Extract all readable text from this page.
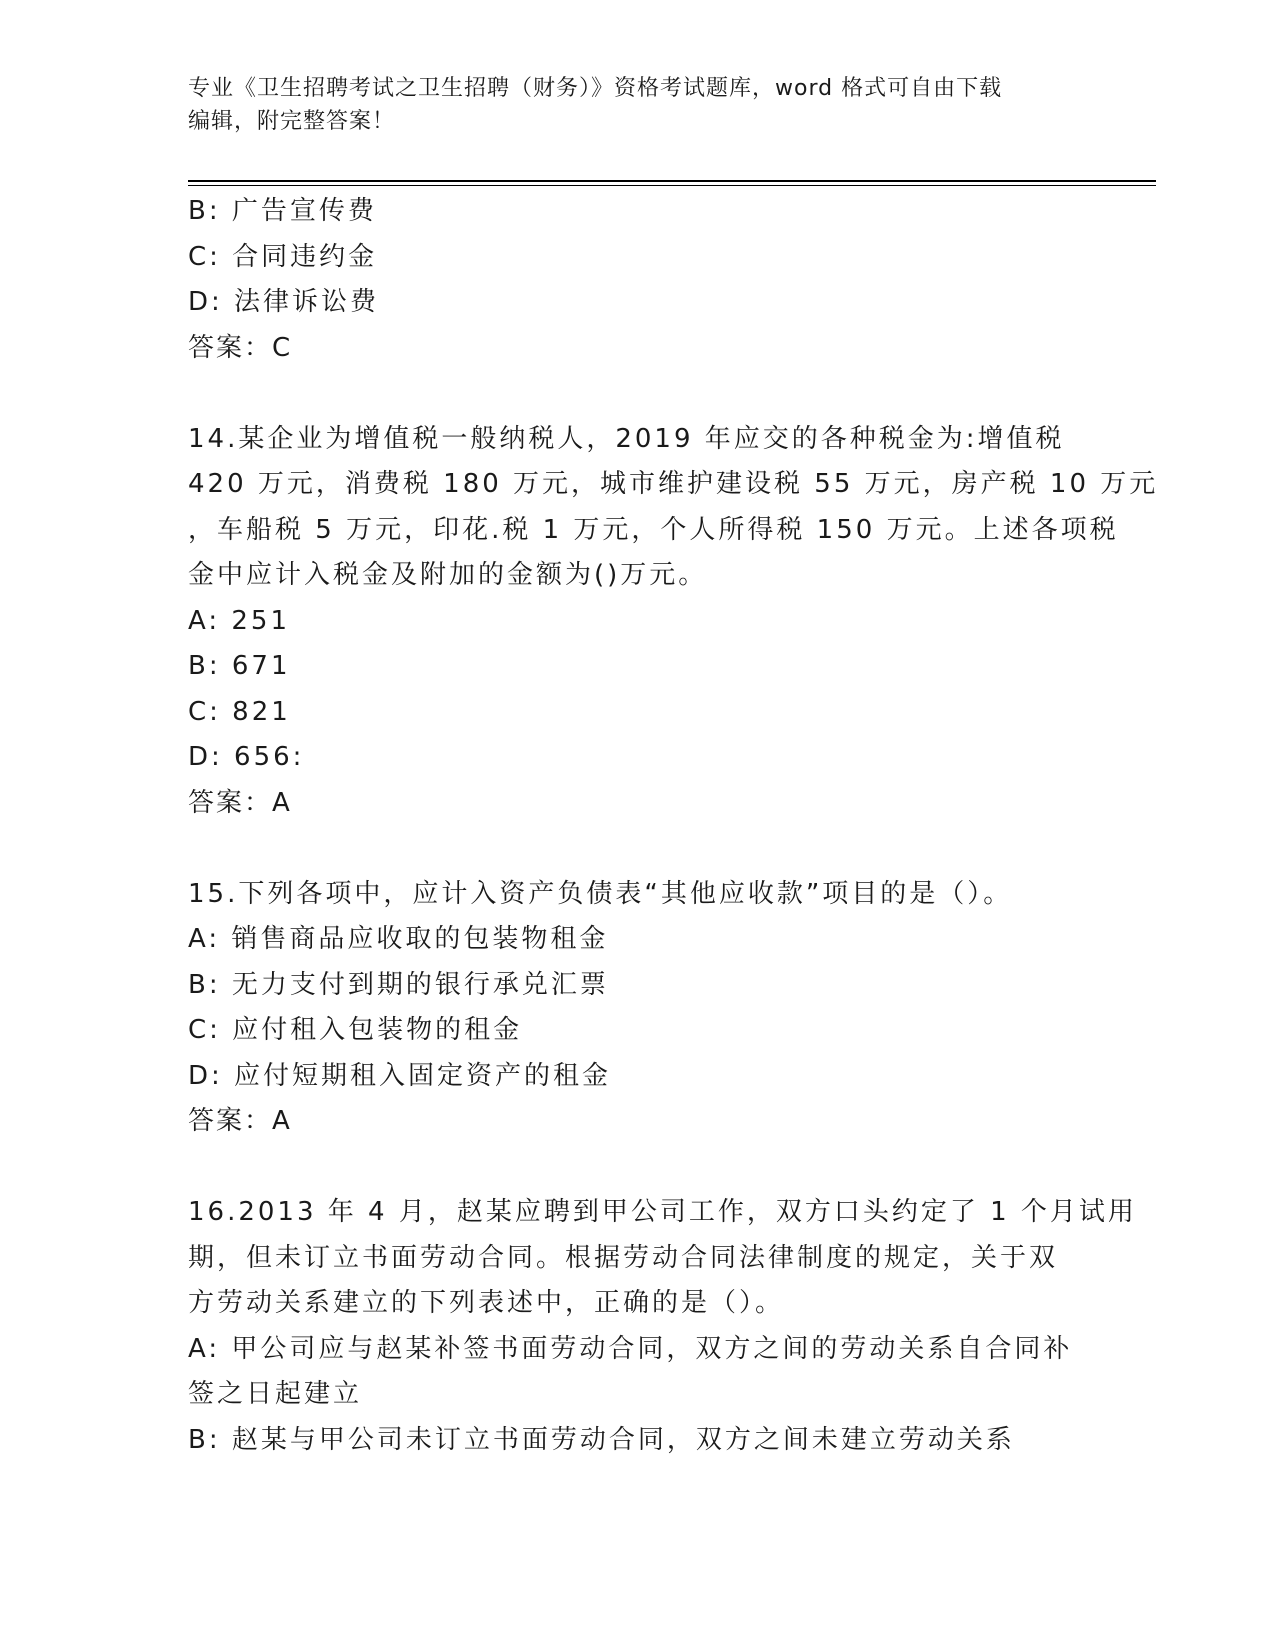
专业《卫生招聘考试之卫生招聘（财务）》资格考试题库，word 格式可自由下载
编辑，附完整答案！
B: 广告宣传费
C: 合同违约金
D: 法律诉讼费
答案：C
14.某企业为增值税一般纳税人，2019 年应交的各种税金为:增值税
420 万元，消费税 180 万元，城市维护建设税 55 万元，房产税 10 万元
，车船税 5 万元，印花.税 1 万元，个人所得税 150 万元。上述各项税
金中应计入税金及附加的金额为()万元。
A: 251
B: 671
C: 821
D: 656:
答案：A
15.下列各项中，应计入资产负债表“其他应收款”项目的是（）。
A: 销售商品应收取的包装物租金
B: 无力支付到期的银行承兑汇票
C: 应付租入包装物的租金
D: 应付短期租入固定资产的租金
答案：A
16.2013 年 4 月，赵某应聘到甲公司工作，双方口头约定了 1 个月试用
期，但未订立书面劳动合同。根据劳动合同法律制度的规定，关于双
方劳动关系建立的下列表述中，正确的是（）。
A: 甲公司应与赵某补签书面劳动合同，双方之间的劳动关系自合同补
签之日起建立
B: 赵某与甲公司未订立书面劳动合同，双方之间未建立劳动关系
